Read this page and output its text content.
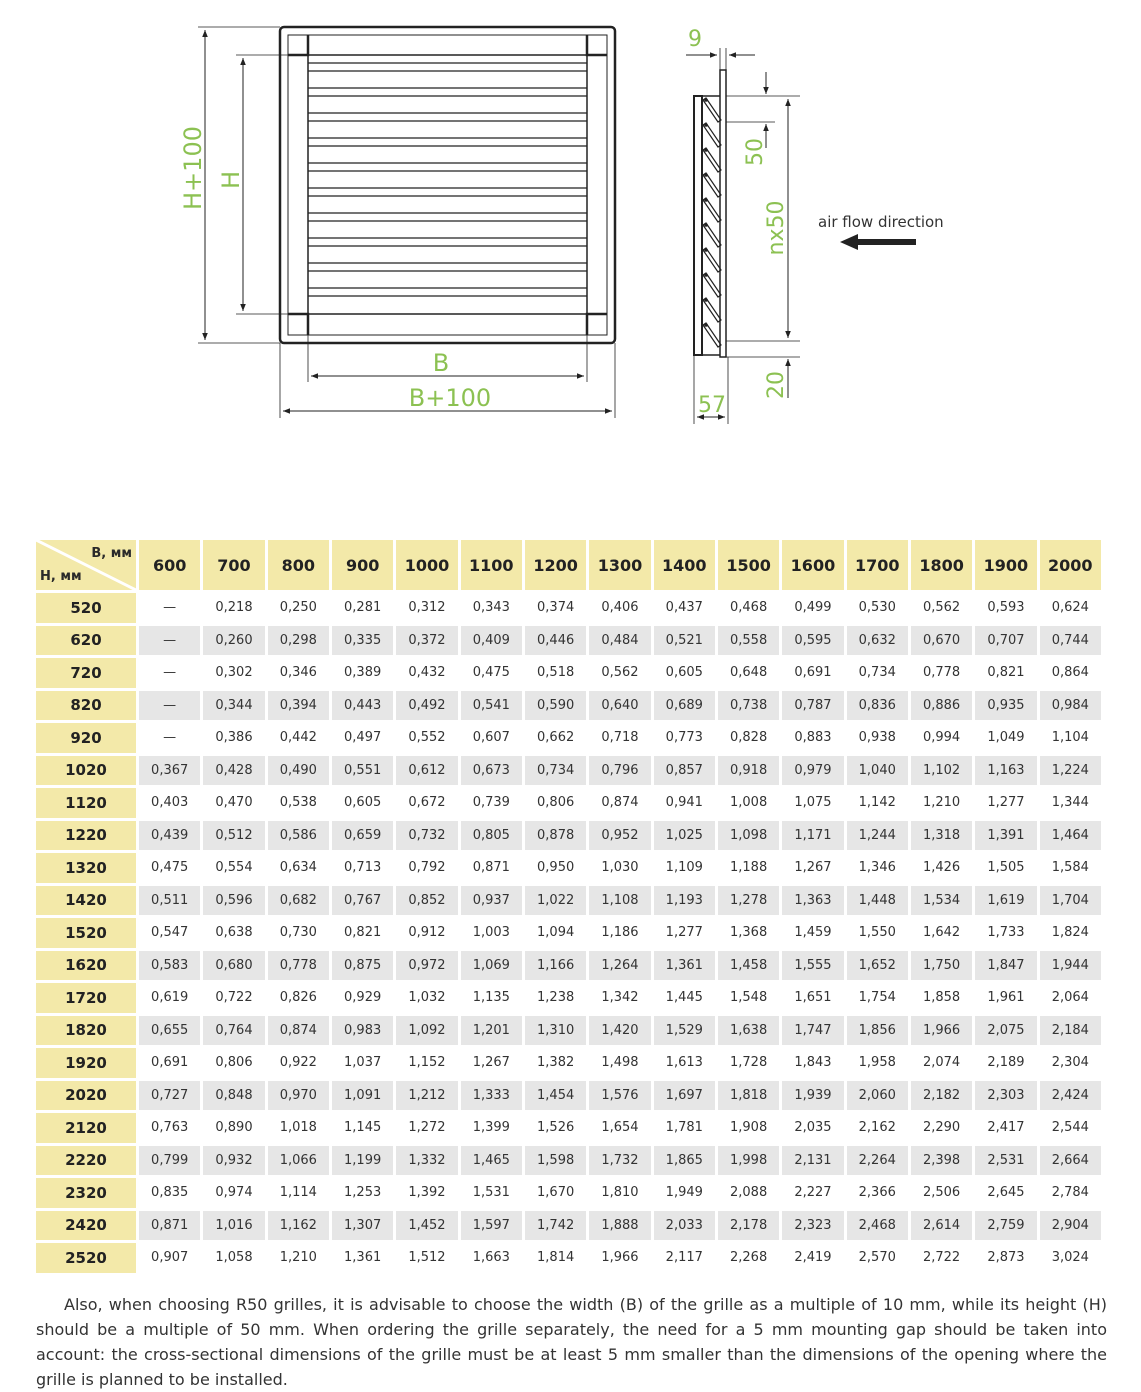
H+100 H
B
B+100
9
50
nx50
20
57
air flow direction
B, мм
H, мм	600	700	800	900	1000	1100	1200	1300	1400	1500	1600	1700	1800	1900	2000
520	—	0,218	0,250	0,281	0,312	0,343	0,374	0,406	0,437	0,468	0,499	0,530	0,562	0,593	0,624
620	—	0,260	0,298	0,335	0,372	0,409	0,446	0,484	0,521	0,558	0,595	0,632	0,670	0,707	0,744
720	—	0,302	0,346	0,389	0,432	0,475	0,518	0,562	0,605	0,648	0,691	0,734	0,778	0,821	0,864
820	—	0,344	0,394	0,443	0,492	0,541	0,590	0,640	0,689	0,738	0,787	0,836	0,886	0,935	0,984
920	—	0,386	0,442	0,497	0,552	0,607	0,662	0,718	0,773	0,828	0,883	0,938	0,994	1,049	1,104
1020	0,367	0,428	0,490	0,551	0,612	0,673	0,734	0,796	0,857	0,918	0,979	1,040	1,102	1,163	1,224
1120	0,403	0,470	0,538	0,605	0,672	0,739	0,806	0,874	0,941	1,008	1,075	1,142	1,210	1,277	1,344
1220	0,439	0,512	0,586	0,659	0,732	0,805	0,878	0,952	1,025	1,098	1,171	1,244	1,318	1,391	1,464
1320	0,475	0,554	0,634	0,713	0,792	0,871	0,950	1,030	1,109	1,188	1,267	1,346	1,426	1,505	1,584
1420	0,511	0,596	0,682	0,767	0,852	0,937	1,022	1,108	1,193	1,278	1,363	1,448	1,534	1,619	1,704
1520	0,547	0,638	0,730	0,821	0,912	1,003	1,094	1,186	1,277	1,368	1,459	1,550	1,642	1,733	1,824
1620	0,583	0,680	0,778	0,875	0,972	1,069	1,166	1,264	1,361	1,458	1,555	1,652	1,750	1,847	1,944
1720	0,619	0,722	0,826	0,929	1,032	1,135	1,238	1,342	1,445	1,548	1,651	1,754	1,858	1,961	2,064
1820	0,655	0,764	0,874	0,983	1,092	1,201	1,310	1,420	1,529	1,638	1,747	1,856	1,966	2,075	2,184
1920	0,691	0,806	0,922	1,037	1,152	1,267	1,382	1,498	1,613	1,728	1,843	1,958	2,074	2,189	2,304
2020	0,727	0,848	0,970	1,091	1,212	1,333	1,454	1,576	1,697	1,818	1,939	2,060	2,182	2,303	2,424
2120	0,763	0,890	1,018	1,145	1,272	1,399	1,526	1,654	1,781	1,908	2,035	2,162	2,290	2,417	2,544
2220	0,799	0,932	1,066	1,199	1,332	1,465	1,598	1,732	1,865	1,998	2,131	2,264	2,398	2,531	2,664
2320	0,835	0,974	1,114	1,253	1,392	1,531	1,670	1,810	1,949	2,088	2,227	2,366	2,506	2,645	2,784
2420	0,871	1,016	1,162	1,307	1,452	1,597	1,742	1,888	2,033	2,178	2,323	2,468	2,614	2,759	2,904
2520	0,907	1,058	1,210	1,361	1,512	1,663	1,814	1,966	2,117	2,268	2,419	2,570	2,722	2,873	3,024

Also, when choosing R50 grilles, it is advisable to choose the width (B) of the grille as a multiple of 10 mm, while its height (H) should be a multiple of 50 mm. When ordering the grille separately, the need for a 5 mm mounting gap should be taken into account: the cross-sectional dimensions of the grille must be at least 5 mm smaller than the dimensions of the opening where the grille is planned to be installed.
